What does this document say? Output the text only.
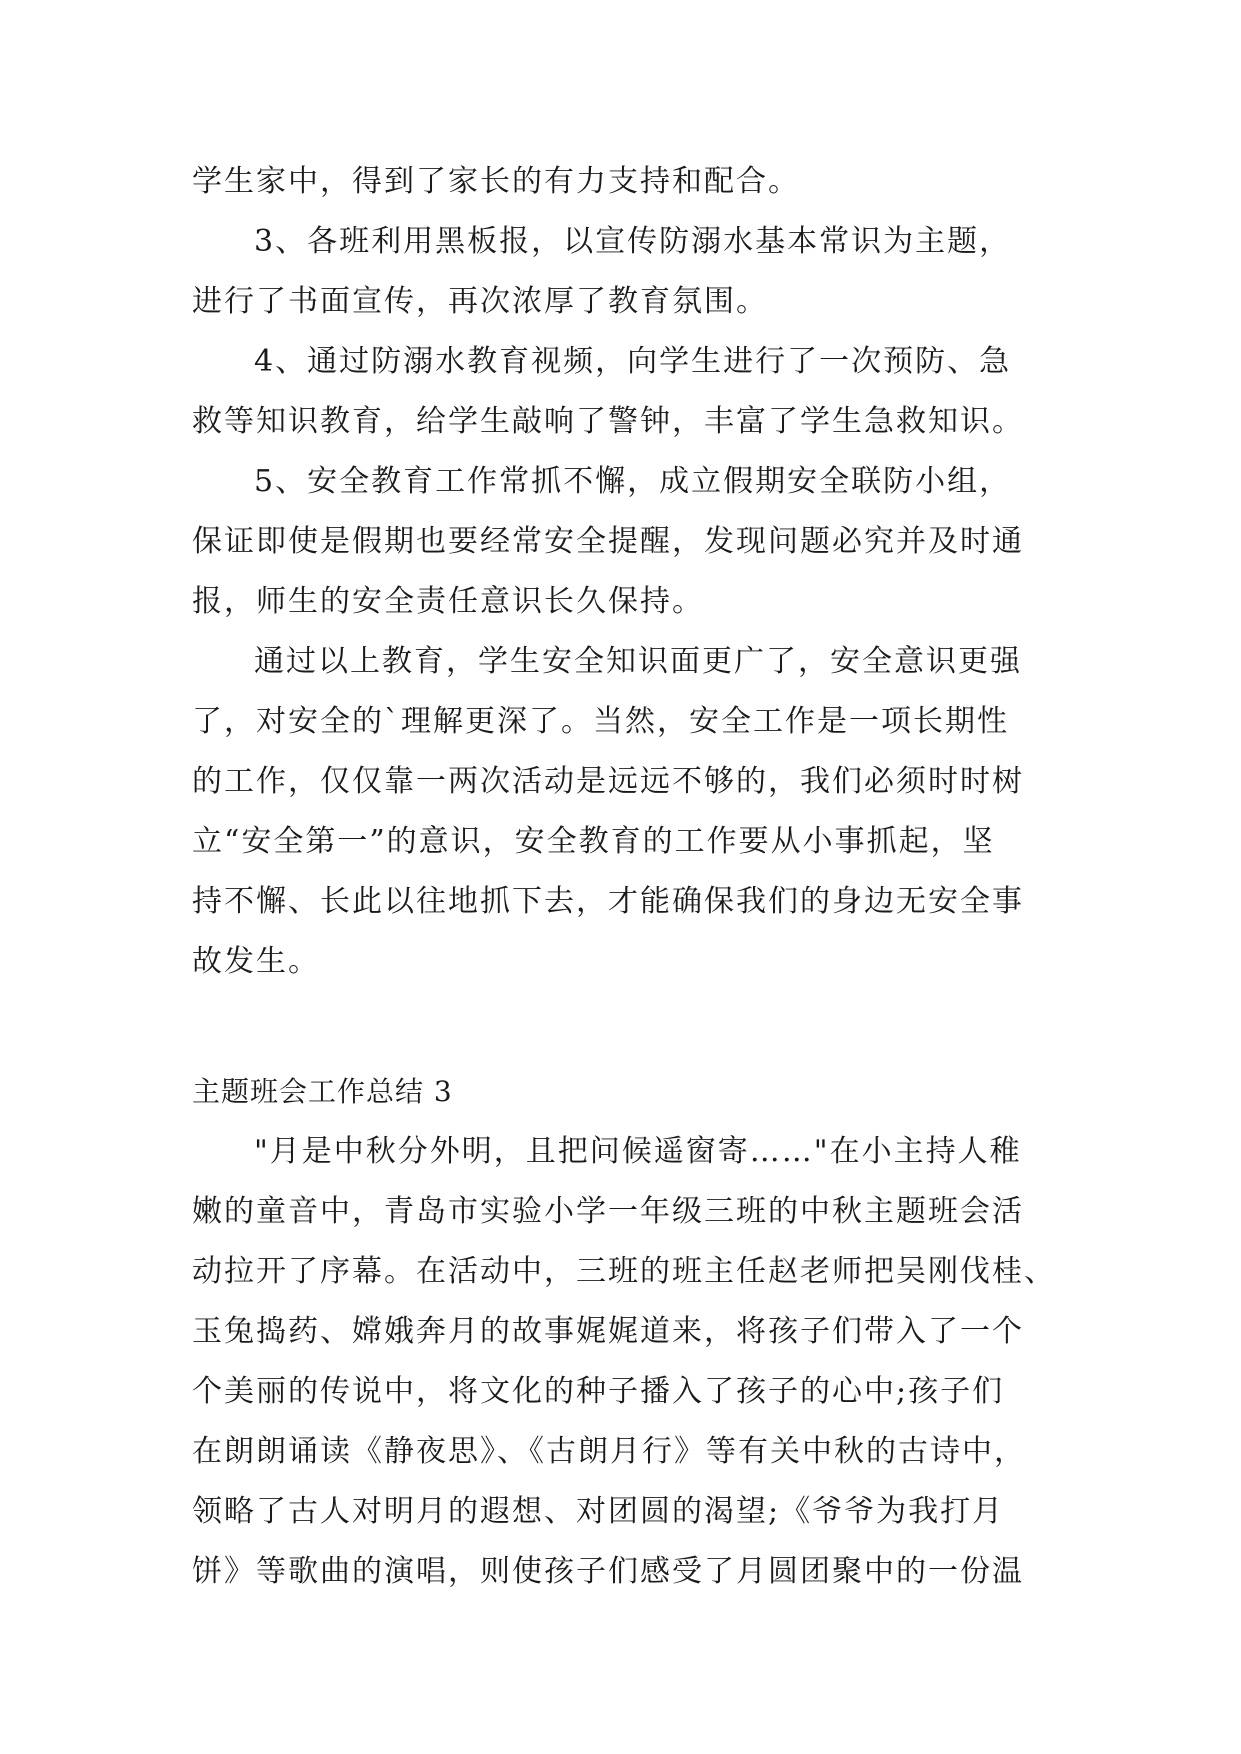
学生家中，得到了家长的有力支持和配合。
3、各班利用黑板报，以宣传防溺水基本常识为主题，
进行了书面宣传，再次浓厚了教育氛围。
4、通过防溺水教育视频，向学生进行了一次预防、急
救等知识教育，给学生敲响了警钟，丰富了学生急救知识。
5、安全教育工作常抓不懈，成立假期安全联防小组，
保证即使是假期也要经常安全提醒，发现问题必究并及时通
报，师生的安全责任意识长久保持。
通过以上教育，学生安全知识面更广了，安全意识更强
了，对安全的`理解更深了。当然，安全工作是一项长期性
的工作，仅仅靠一两次活动是远远不够的，我们必须时时树
立“安全第一”的意识，安全教育的工作要从小事抓起，坚
持不懈、长此以往地抓下去，才能确保我们的身边无安全事
故发生。
主题班会工作总结 3
"月是中秋分外明，且把问候遥窗寄……"在小主持人稚
嫩的童音中，青岛市实验小学一年级三班的中秋主题班会活
动拉开了序幕。在活动中，三班的班主任赵老师把吴刚伐桂、
玉兔捣药、嫦娥奔月的故事娓娓道来，将孩子们带入了一个
个美丽的传说中，将文化的种子播入了孩子的心中;孩子们
在朗朗诵读《静夜思》、《古朗月行》等有关中秋的古诗中，
领略了古人对明月的遐想、对团圆的渴望;《爷爷为我打月
饼》等歌曲的演唱，则使孩子们感受了月圆团聚中的一份温
